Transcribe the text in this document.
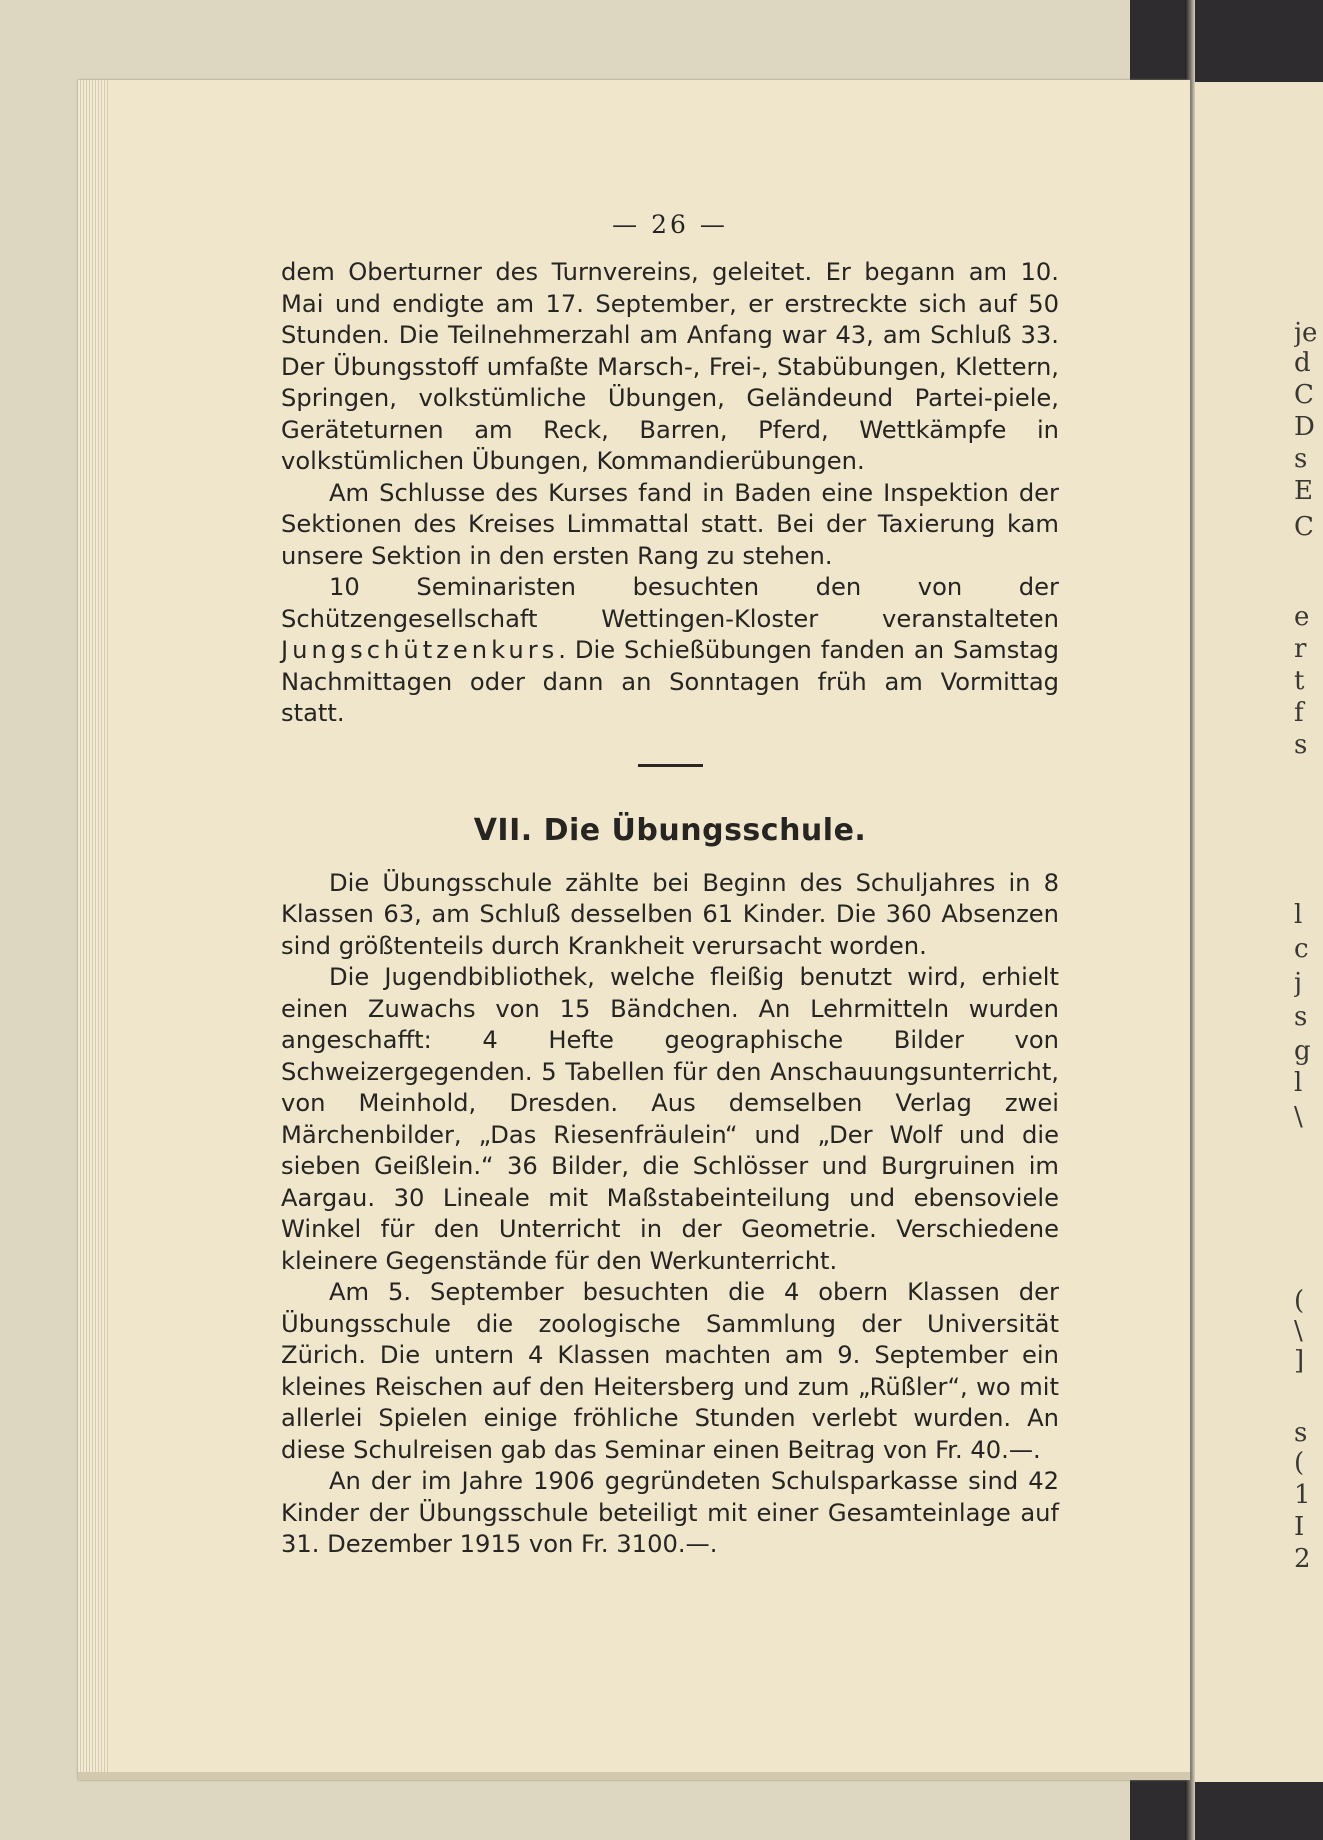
je
d
C
D
s
E
C
e
r
t
f
s
l
c
j
s
g
l
\
(
\
]
s
(
1
I
2

— 26 —

dem Oberturner des Turnvereins, geleitet. Er begann am 10. Mai und endigte am 17. September, er erstreckte sich auf 50 Stunden. Die Teilnehmerzahl am Anfang war 43, am Schluß 33. Der Übungsstoff umfaßte Marsch-, Frei-, Stabübungen, Klettern, Springen, volkstümliche Übungen, Geländeund Partei-piele, Geräteturnen am Reck, Barren, Pferd, Wettkämpfe in volkstümlichen Übungen, Kommandierübungen.

Am Schlusse des Kurses fand in Baden eine Inspektion der Sektionen des Kreises Limmattal statt. Bei der Taxierung kam unsere Sektion in den ersten Rang zu stehen.

10 Seminaristen besuchten den von der Schützengesellschaft Wettingen-Kloster veranstalteten Jungschützenkurs. Die Schießübungen fanden an Samstag Nachmittagen oder dann an Sonntagen früh am Vormittag statt.

VII. Die Übungsschule.

Die Übungsschule zählte bei Beginn des Schuljahres in 8 Klassen 63, am Schluß desselben 61 Kinder. Die 360 Absenzen sind größtenteils durch Krankheit verursacht worden.

Die Jugendbibliothek, welche fleißig benutzt wird, erhielt einen Zuwachs von 15 Bändchen. An Lehrmitteln wurden angeschafft: 4 Hefte geographische Bilder von Schweizergegenden. 5 Tabellen für den Anschauungsunterricht, von Meinhold, Dresden. Aus demselben Verlag zwei Märchenbilder, „Das Riesenfräulein“ und „Der Wolf und die sieben Geißlein.“ 36 Bilder, die Schlösser und Burgruinen im Aargau. 30 Lineale mit Maßstabeinteilung und ebensoviele Winkel für den Unterricht in der Geometrie. Verschiedene kleinere Gegenstände für den Werkunterricht.

Am 5. September besuchten die 4 obern Klassen der Übungsschule die zoologische Sammlung der Universität Zürich. Die untern 4 Klassen machten am 9. September ein kleines Reischen auf den Heitersberg und zum „Rüßler“, wo mit allerlei Spielen einige fröhliche Stunden verlebt wurden. An diese Schulreisen gab das Seminar einen Beitrag von Fr. 40.—.

An der im Jahre 1906 gegründeten Schulsparkasse sind 42 Kinder der Übungsschule beteiligt mit einer Gesamteinlage auf 31. Dezember 1915 von Fr. 3100.—.
